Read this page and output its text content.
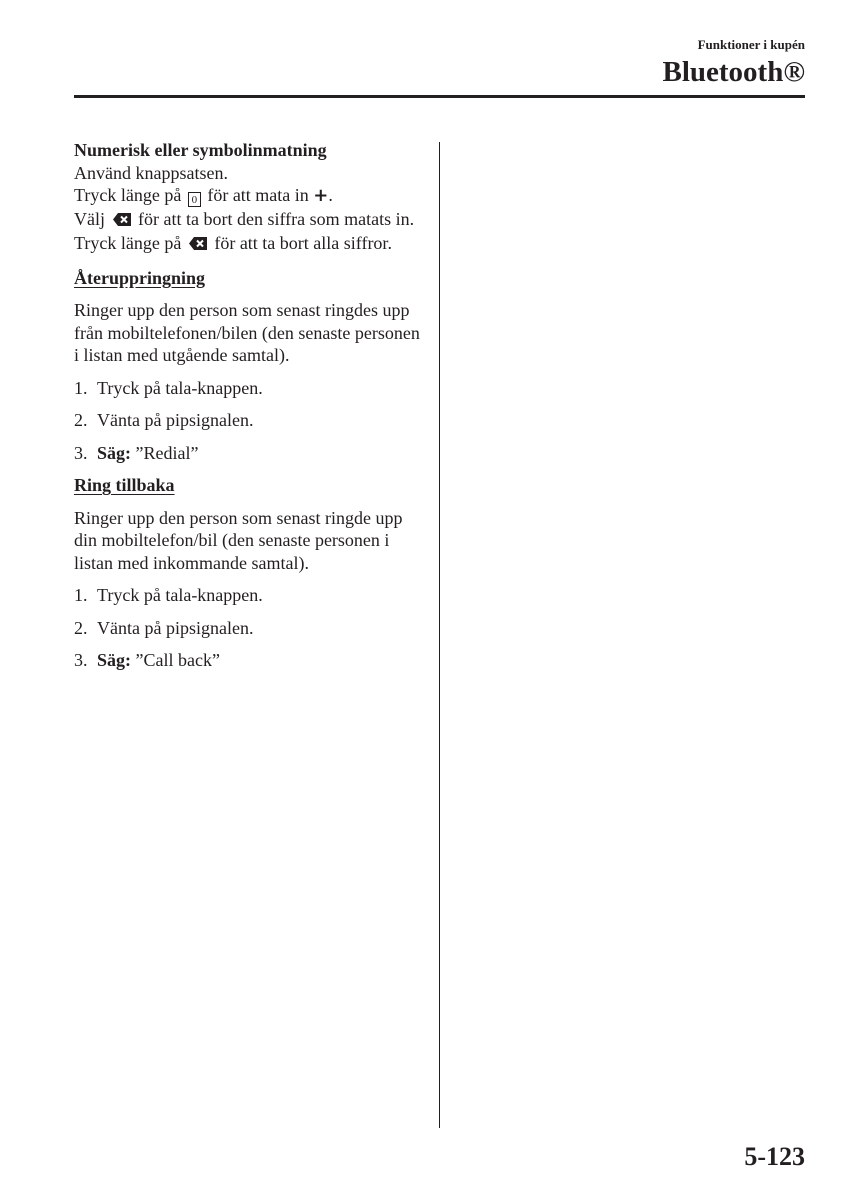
Funktioner i kupén
Bluetooth®

Numerisk eller symbolinmatning

Använd knappsatsen.

Tryck länge på 0 för att mata in +.

Välj för att ta bort den siffra som matats in.

Tryck länge på för att ta bort alla siffror.

Återuppringning

Ringer upp den person som senast ringdes upp från mobiltelefonen/bilen (den senaste personen i listan med utgående samtal).

1. Tryck på tala-knappen.

2. Vänta på pipsignalen.

3. Säg: ”Redial”

Ring tillbaka

Ringer upp den person som senast ringde upp din mobiltelefon/bil (den senaste personen i listan med inkommande samtal).

1. Tryck på tala-knappen.

2. Vänta på pipsignalen.

3. Säg: ”Call back”

5-123
